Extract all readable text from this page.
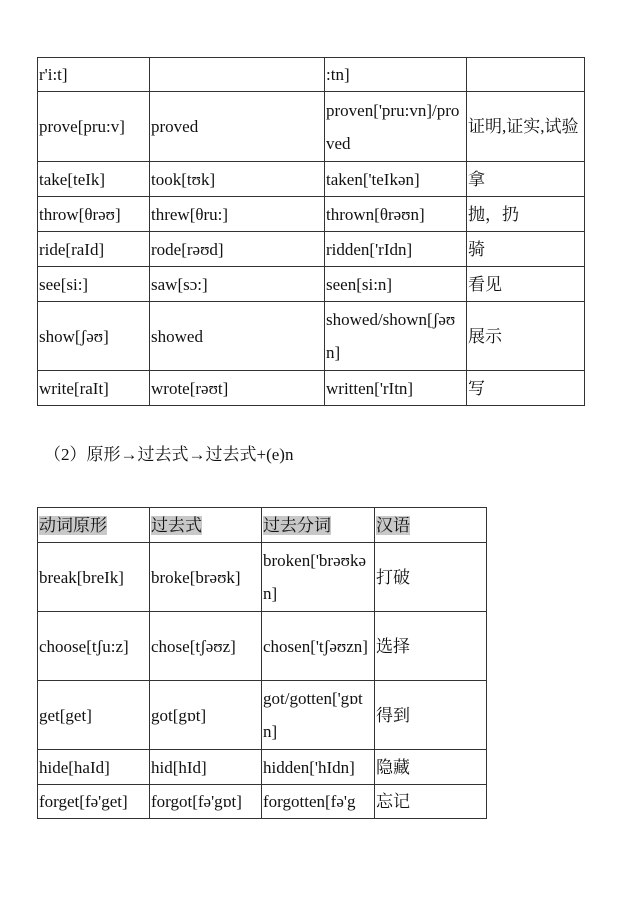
r'i:t]		:tn]	
prove[pru:v]	proved	proven['pru:vn]/proved	证明,证实,试验
take[teIk]	took[tʊk]	taken['teIkən]	拿
throw[θrəʊ]	threw[θru:]	thrown[θrəʊn]	抛，扔
ride[raId]	rode[rəʊd]	ridden['rIdn]	骑
see[si:]	saw[sɔ:]	seen[si:n]	看见
show[ʃəʊ]	showed	showed/shown[ʃəʊn]	展示
write[raIt]	wrote[rəʊt]	written['rItn]	写
（2）原形→过去式→过去式+(e)n
动词原形	过去式	过去分词	汉语
break[breIk]	broke[brəʊk]	broken['brəʊkən]	打破
choose[tʃu:z]	chose[tʃəʊz]	chosen['tʃəʊzn]	选择
get[get]	got[gɒt]	got/gotten['gɒtn]	得到
hide[haId]	hid[hId]	hidden['hIdn]	隐藏
forget[fə'get]	forgot[fə'gɒt]	forgotten[fə'g	忘记
